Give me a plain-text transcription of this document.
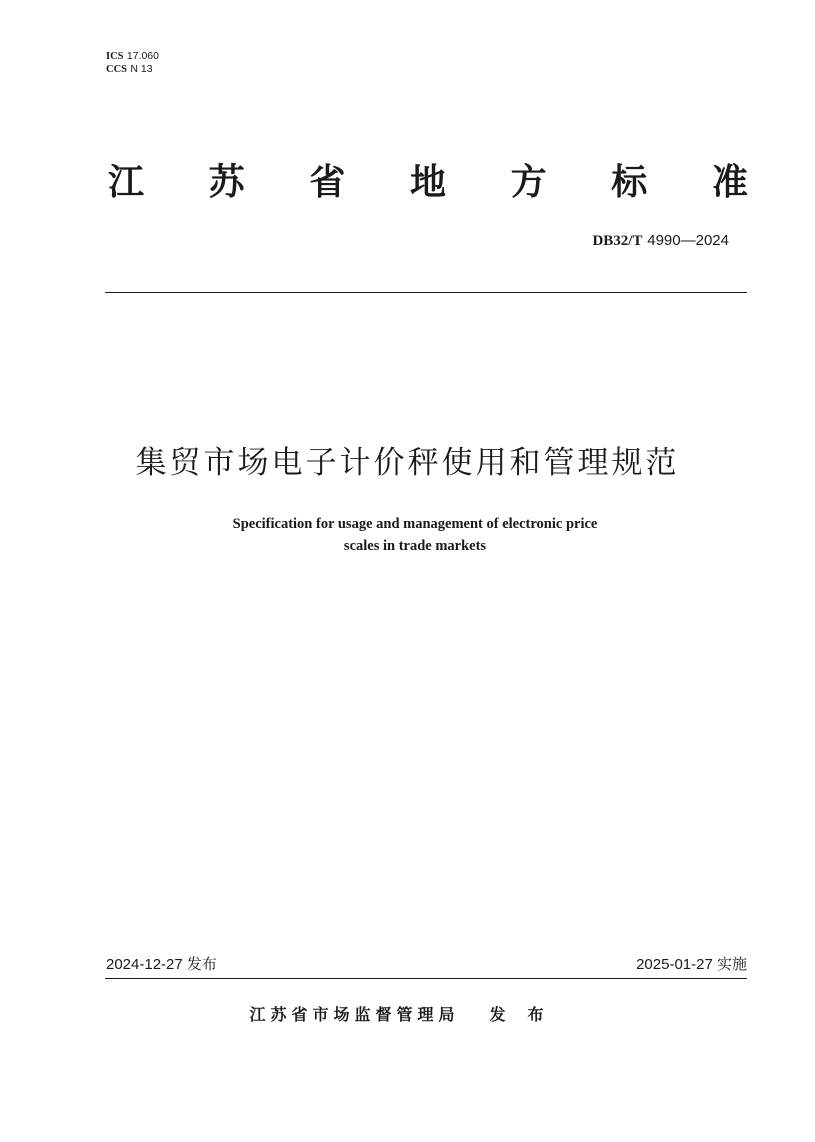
ICS 17.060
CCS N 13
江 苏 省 地 方 标 准
DB32/T 4990—2024
集贸市场电子计价秤使用和管理规范
Specification for usage and management of electronic price
scales in trade markets
2024-12-27 发布	2025-01-27 实施
江苏省市场监督管理局 发布
